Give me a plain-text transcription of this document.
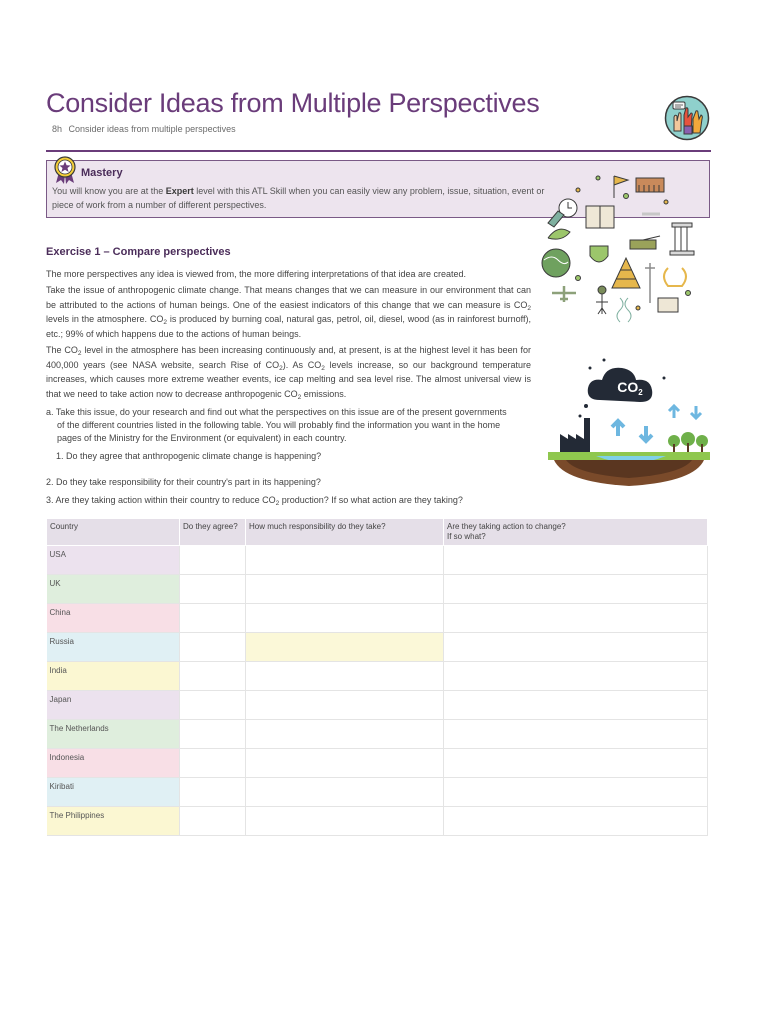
Consider Ideas from Multiple Perspectives
8h Consider ideas from multiple perspectives
Mastery
You will know you are at the Expert level with this ATL Skill when you can easily view any problem, issue, situation, event or piece of work from a number of different perspectives.
Exercise 1 – Compare perspectives
The more perspectives any idea is viewed from, the more differing interpretations of that idea are created.
Take the issue of anthropogenic climate change. That means changes that we can measure in our environment that can be attributed to the actions of human beings. One of the easiest indicators of this change that we can measure is $CO_2$ levels in the atmosphere. $CO_2$ is produced by burning coal, natural gas, petrol, oil, diesel, wood (as in rainforest burnoff), etc.; 99% of which happens due to the actions of human beings.
The $CO_2$ level in the atmosphere has been increasing continuously and, at present, is at the highest level it has been for 400,000 years (see NASA website, search Rise of $CO_2$). As $CO_2$ levels increase, so our background temperature increases, which causes more extreme weather events, ice cap melting and sea level rise. The almost universal view is that we need to take action now to decrease anthropogenic $CO_2$ emissions.
a. Take this issue, do your research and find out what the perspectives on this issue are of the present governments
of the different countries listed in the following table. You will probably find the information you want in the home
pages of the Ministry for the Environment (or equivalent) in each country.
1. Do they agree that anthropogenic climate change is happening?
2. Do they take responsibility for their country's part in its happening?
3. Are they taking action within their country to reduce $CO_2$ production? If so what action are they taking?
$CO_2$
Country	Do they agree?	How much responsibility do they take?	Are they taking action to change?
If so what?
USA			
UK			
China			
Russia			
India			
Japan			
The Netherlands			
Indonesia			
Kiribati			
The Philippines			
